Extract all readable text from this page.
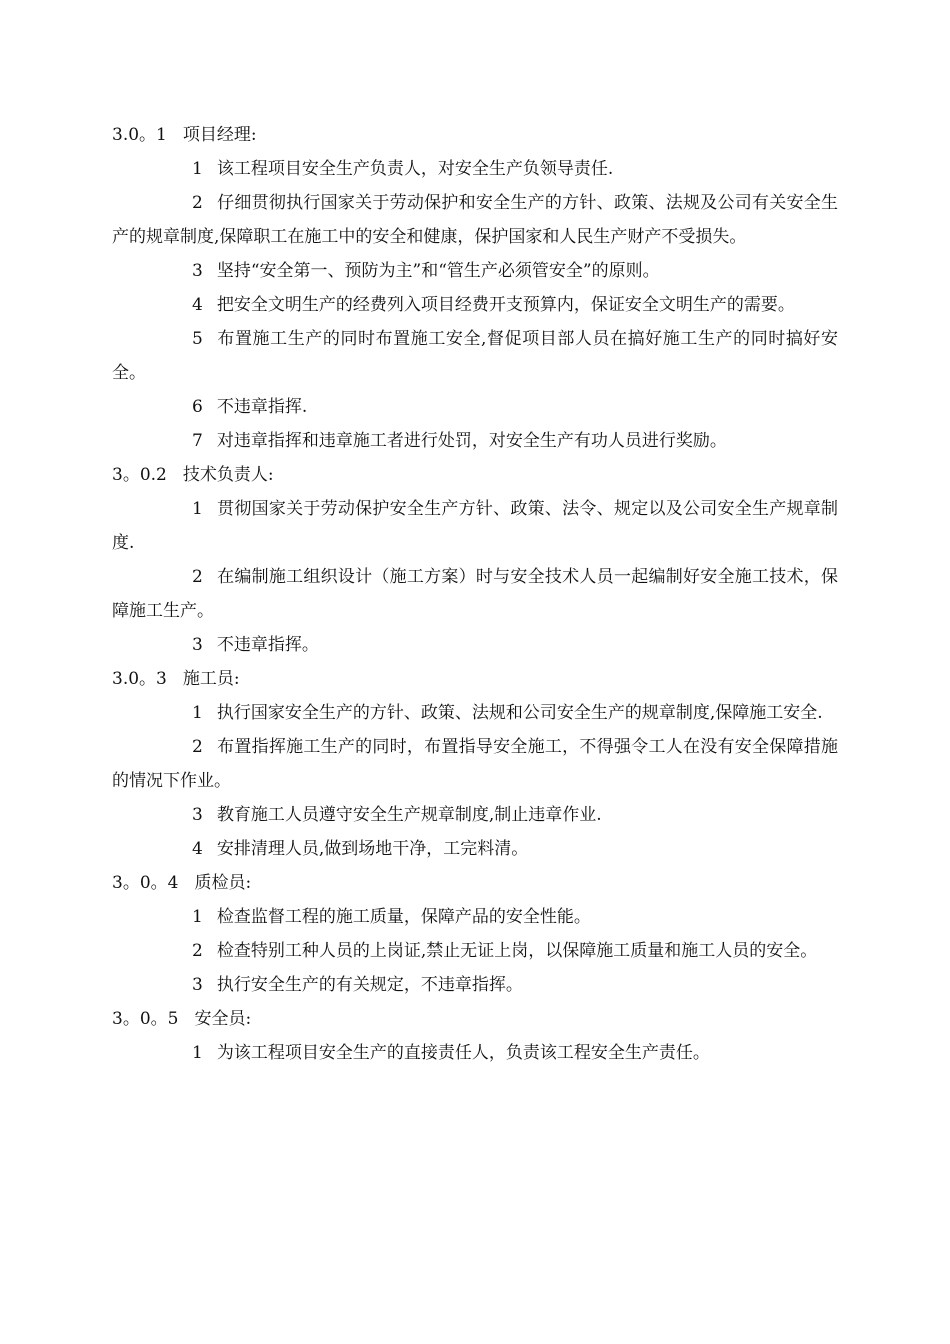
3.0。1 项目经理:

1 该工程项目安全生产负责人，对安全生产负领导责任.

2 仔细贯彻执行国家关于劳动保护和安全生产的方针、政策、法规及公司有关安全生产的规章制度,保障职工在施工中的安全和健康，保护国家和人民生产财产不受损失。

3 坚持“安全第一、预防为主”和“管生产必须管安全”的原则。

4 把安全文明生产的经费列入项目经费开支预算内，保证安全文明生产的需要。

5 布置施工生产的同时布置施工安全,督促项目部人员在搞好施工生产的同时搞好安全。

6 不违章指挥.

7 对违章指挥和违章施工者进行处罚，对安全生产有功人员进行奖励。

3。0.2 技术负责人:

1 贯彻国家关于劳动保护安全生产方针、政策、法令、规定以及公司安全生产规章制度.

2 在编制施工组织设计（施工方案）时与安全技术人员一起编制好安全施工技术，保障施工生产。

3 不违章指挥。

3.0。3 施工员:

1 执行国家安全生产的方针、政策、法规和公司安全生产的规章制度,保障施工安全.

2 布置指挥施工生产的同时，布置指导安全施工，不得强令工人在没有安全保障措施的情况下作业。

3 教育施工人员遵守安全生产规章制度,制止违章作业.

4 安排清理人员,做到场地干净，工完料清。

3。0。4 质检员:

1 检查监督工程的施工质量，保障产品的安全性能。

2 检查特别工种人员的上岗证,禁止无证上岗，以保障施工质量和施工人员的安全。

3 执行安全生产的有关规定，不违章指挥。

3。0。5 安全员:

1 为该工程项目安全生产的直接责任人，负责该工程安全生产责任。
